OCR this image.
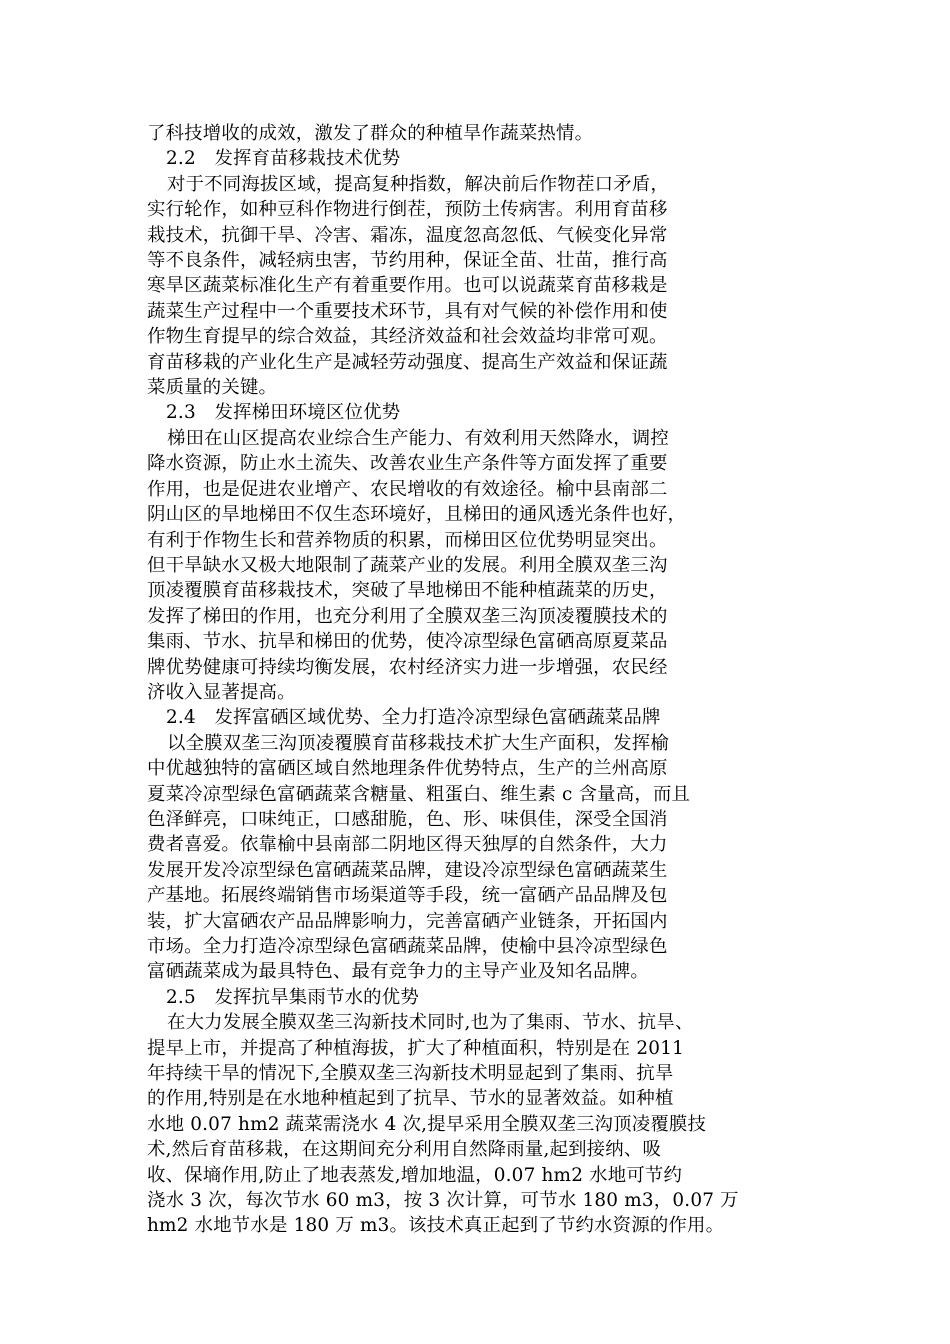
了科技增收的成效，激发了群众的种植旱作蔬菜热情。
2.2　发挥育苗移栽技术优势
对于不同海拔区域，提高复种指数，解决前后作物茬口矛盾，
实行轮作，如种豆科作物进行倒茬，预防土传病害。利用育苗移
栽技术，抗御干旱、冷害、霜冻，温度忽高忽低、气候变化异常
等不良条件，减轻病虫害，节约用种，保证全苗、壮苗，推行高
寒旱区蔬菜标准化生产有着重要作用。也可以说蔬菜育苗移栽是
蔬菜生产过程中一个重要技术环节，具有对气候的补偿作用和使
作物生育提早的综合效益，其经济效益和社会效益均非常可观。
育苗移栽的产业化生产是减轻劳动强度、提高生产效益和保证蔬
菜质量的关键。
2.3　发挥梯田环境区位优势
梯田在山区提高农业综合生产能力、有效利用天然降水，调控
降水资源，防止水土流失、改善农业生产条件等方面发挥了重要
作用，也是促进农业增产、农民增收的有效途径。榆中县南部二
阴山区的旱地梯田不仅生态环境好，且梯田的通风透光条件也好，
有利于作物生长和营养物质的积累，而梯田区位优势明显突出。
但干旱缺水又极大地限制了蔬菜产业的发展。利用全膜双垄三沟
顶凌覆膜育苗移栽技术，突破了旱地梯田不能种植蔬菜的历史，
发挥了梯田的作用，也充分利用了全膜双垄三沟顶凌覆膜技术的
集雨、节水、抗旱和梯田的优势，使冷凉型绿色富硒高原夏菜品
牌优势健康可持续均衡发展，农村经济实力进一步增强，农民经
济收入显著提高。
2.4　发挥富硒区域优势、全力打造冷凉型绿色富硒蔬菜品牌
以全膜双垄三沟顶凌覆膜育苗移栽技术扩大生产面积，发挥榆
中优越独特的富硒区域自然地理条件优势特点，生产的兰州高原
夏菜冷凉型绿色富硒蔬菜含糖量、粗蛋白、维生素 c 含量高，而且
色泽鲜亮，口味纯正，口感甜脆，色、形、味俱佳，深受全国消
费者喜爱。依靠榆中县南部二阴地区得天独厚的自然条件，大力
发展开发冷凉型绿色富硒蔬菜品牌，建设冷凉型绿色富硒蔬菜生
产基地。拓展终端销售市场渠道等手段，统一富硒产品品牌及包
装，扩大富硒农产品品牌影响力，完善富硒产业链条，开拓国内
市场。全力打造冷凉型绿色富硒蔬菜品牌，使榆中县冷凉型绿色
富硒蔬菜成为最具特色、最有竞争力的主导产业及知名品牌。
2.5　发挥抗旱集雨节水的优势
在大力发展全膜双垄三沟新技术同时,也为了集雨、节水、抗旱、
提早上市，并提高了种植海拔，扩大了种植面积，特别是在 2011
年持续干旱的情况下,全膜双垄三沟新技术明显起到了集雨、抗旱
的作用,特别是在水地种植起到了抗旱、节水的显著效益。如种植
水地 0.07 hm2 蔬菜需浇水 4 次,提早采用全膜双垄三沟顶凌覆膜技
术,然后育苗移栽，在这期间充分利用自然降雨量,起到接纳、吸
收、保墒作用,防止了地表蒸发,增加地温，0.07 hm2 水地可节约
浇水 3 次，每次节水 60 m3，按 3 次计算，可节水 180 m3，0.07 万
hm2 水地节水是 180 万 m3。该技术真正起到了节约水资源的作用。
